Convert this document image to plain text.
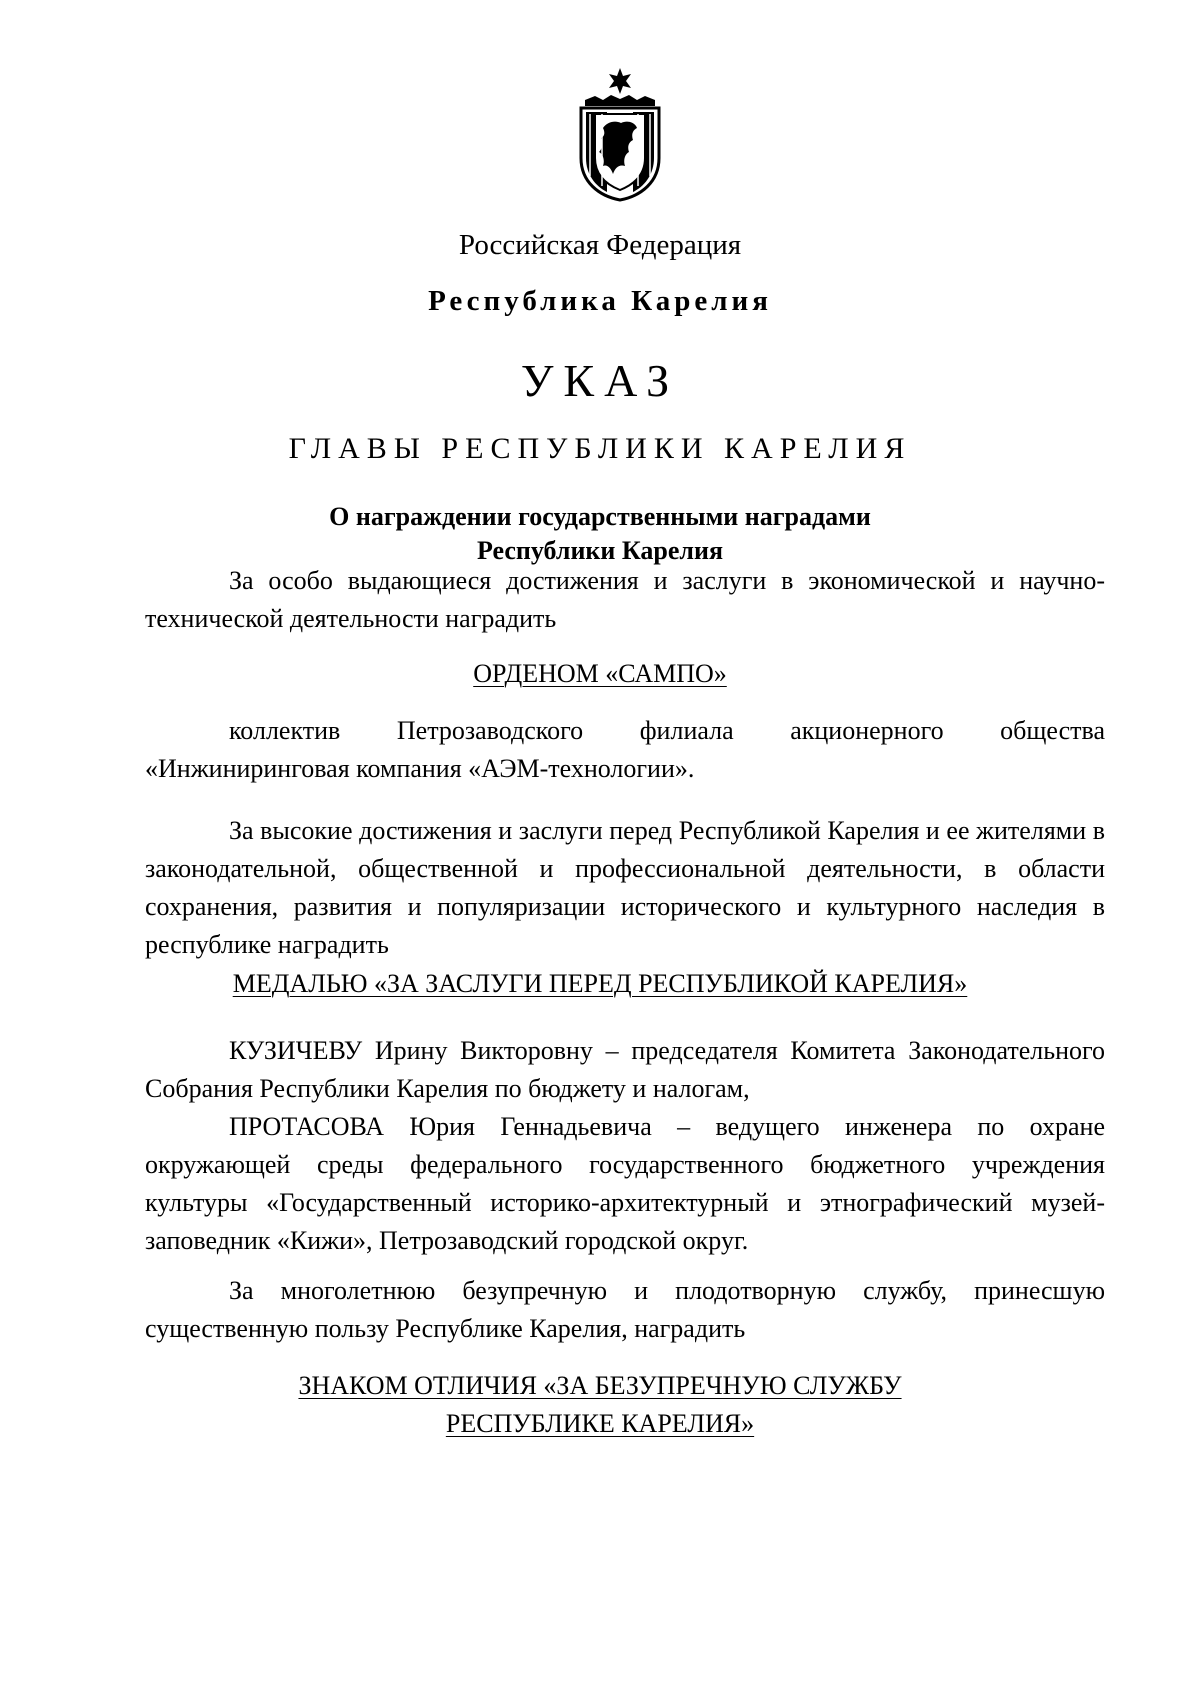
Российская Федерация
Республика Карелия
УКАЗ
ГЛАВЫ РЕСПУБЛИКИ КАРЕЛИЯ
О награждении государственными наградами
Республики Карелия
За особо выдающиеся достижения и заслуги в экономической и научно-технической деятельности наградить
ОРДЕНОМ «САМПО»
коллектив Петрозаводского филиала акционерного общества «Инжиниринговая компания «АЭМ-технологии».
За высокие достижения и заслуги перед Республикой Карелия и ее жителями в законодательной, общественной и профессиональной деятельности, в области сохранения, развития и популяризации исторического и культурного наследия в республике наградить
МЕДАЛЬЮ «ЗА ЗАСЛУГИ ПЕРЕД РЕСПУБЛИКОЙ КАРЕЛИЯ»
КУЗИЧЕВУ Ирину Викторовну – председателя Комитета Законодательного Собрания Республики Карелия по бюджету и налогам,
ПРОТАСОВА Юрия Геннадьевича – ведущего инженера по охране окружающей среды федерального государственного бюджетного учреждения культуры «Государственный историко-архитектурный и этнографический музей-заповедник «Кижи», Петрозаводский городской округ.
За многолетнюю безупречную и плодотворную службу, принесшую существенную пользу Республике Карелия, наградить
ЗНАКОМ ОТЛИЧИЯ «ЗА БЕЗУПРЕЧНУЮ СЛУЖБУ
РЕСПУБЛИКЕ КАРЕЛИЯ»
